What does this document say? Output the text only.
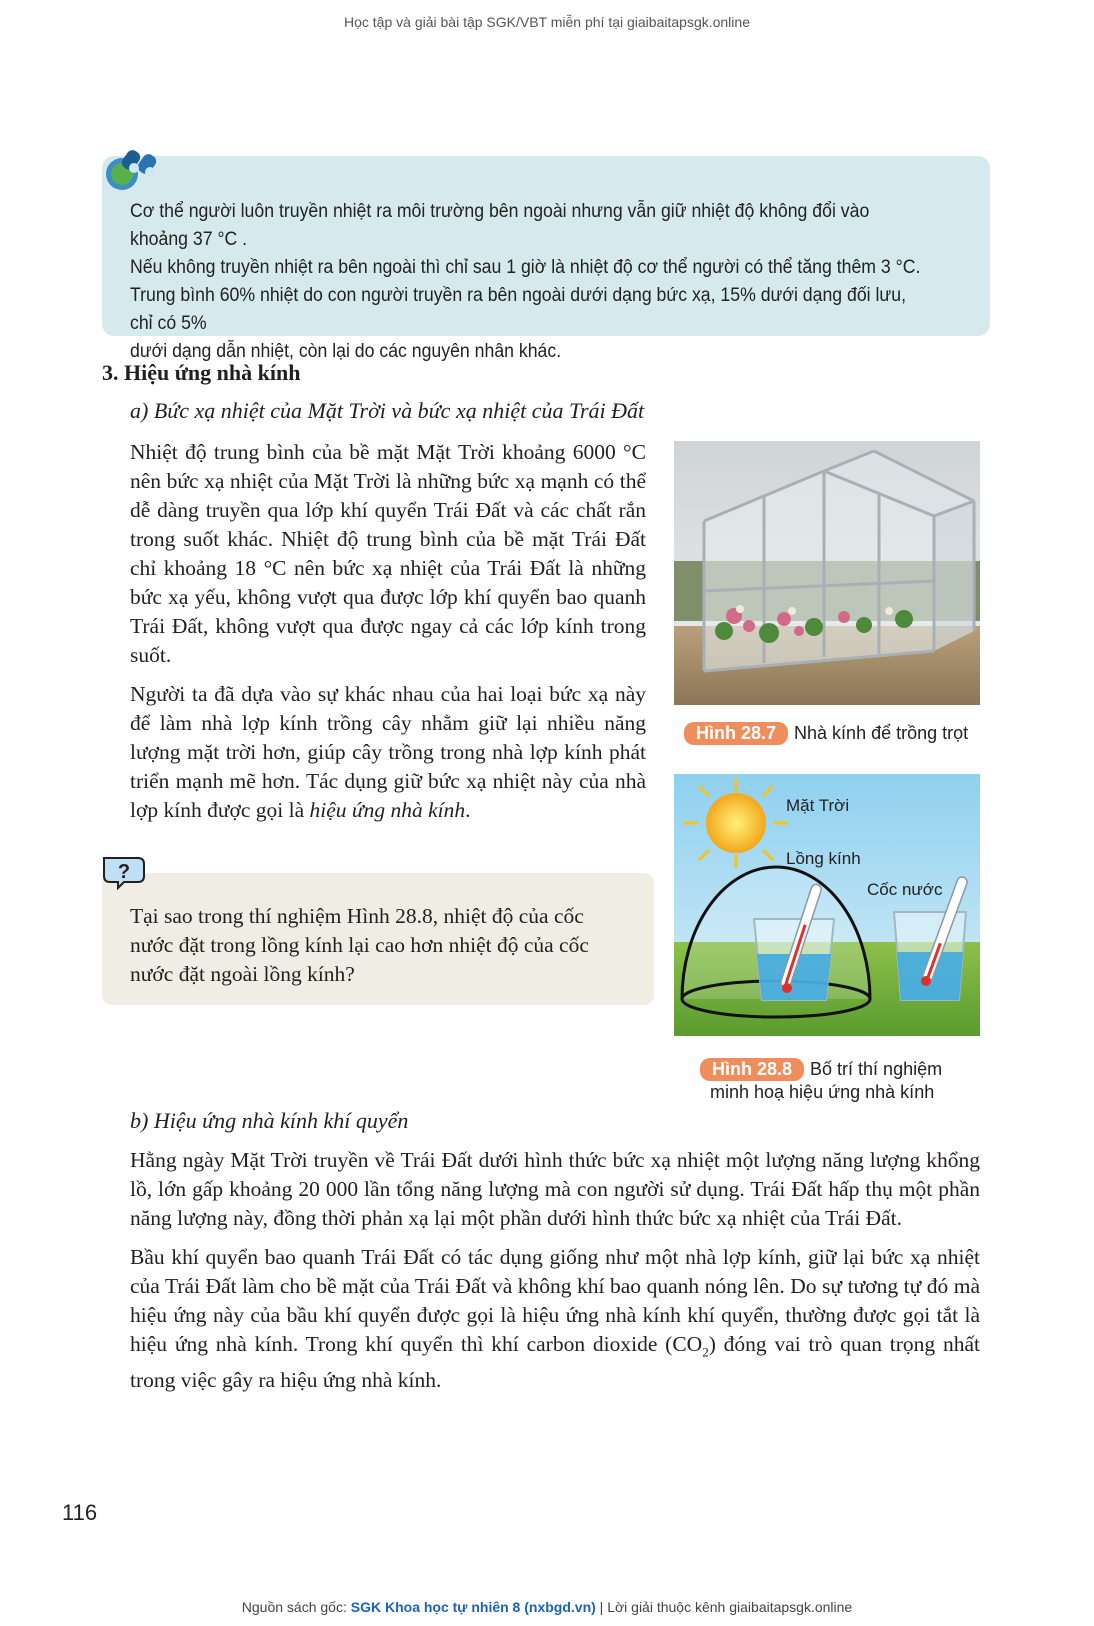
Học tập và giải bài tập SGK/VBT miễn phí tại giaibaitapsgk.online

Cơ thể người luôn truyền nhiệt ra môi trường bên ngoài nhưng vẫn giữ nhiệt độ không đổi vào khoảng 37 °C .

Nếu không truyền nhiệt ra bên ngoài thì chỉ sau 1 giờ là nhiệt độ cơ thể người có thể tăng thêm 3 °C.

Trung bình 60% nhiệt do con người truyền ra bên ngoài dưới dạng bức xạ, 15% dưới dạng đối lưu, chỉ có 5%

dưới dạng dẫn nhiệt, còn lại do các nguyên nhân khác.

3. Hiệu ứng nhà kính
a) Bức xạ nhiệt của Mặt Trời và bức xạ nhiệt của Trái Đất

Nhiệt độ trung bình của bề mặt Mặt Trời khoảng 6000 °C nên bức xạ nhiệt của Mặt Trời là những bức xạ mạnh có thể dễ dàng truyền qua lớp khí quyển Trái Đất và các chất rắn trong suốt khác. Nhiệt độ trung bình của bề mặt Trái Đất chỉ khoảng 18 °C nên bức xạ nhiệt của Trái Đất là những bức xạ yếu, không vượt qua được lớp khí quyển bao quanh Trái Đất, không vượt qua được ngay cả các lớp kính trong suốt.

Người ta đã dựa vào sự khác nhau của hai loại bức xạ này để làm nhà lợp kính trồng cây nhằm giữ lại nhiều năng lượng mặt trời hơn, giúp cây trồng trong nhà lợp kính phát triển mạnh mẽ hơn. Tác dụng giữ bức xạ nhiệt này của nhà lợp kính được gọi là hiệu ứng nhà kính.

Hình 28.7 Nhà kính để trồng trọt
Mặt Trời
Lồng kính
Cốc nước
Hình 28.8 Bố trí thí nghiệm
minh hoạ hiệu ứng nhà kính
?
Tại sao trong thí nghiệm Hình 28.8, nhiệt độ của cốc nước đặt trong lồng kính lại cao hơn nhiệt độ của cốc nước đặt ngoài lồng kính?
b) Hiệu ứng nhà kính khí quyển

Hằng ngày Mặt Trời truyền về Trái Đất dưới hình thức bức xạ nhiệt một lượng năng lượng khổng lồ, lớn gấp khoảng 20 000 lần tổng năng lượng mà con người sử dụng. Trái Đất hấp thụ một phần năng lượng này, đồng thời phản xạ lại một phần dưới hình thức bức xạ nhiệt của Trái Đất.

Bầu khí quyển bao quanh Trái Đất có tác dụng giống như một nhà lợp kính, giữ lại bức xạ nhiệt của Trái Đất làm cho bề mặt của Trái Đất và không khí bao quanh nóng lên. Do sự tương tự đó mà hiệu ứng này của bầu khí quyển được gọi là hiệu ứng nhà kính khí quyển, thường được gọi tắt là hiệu ứng nhà kính. Trong khí quyển thì khí carbon dioxide $(CO_2)$ đóng vai trò quan trọng nhất trong việc gây ra hiệu ứng nhà kính.

116
Nguồn sách gốc: SGK Khoa học tự nhiên 8 (nxbgd.vn) | Lời giải thuộc kênh giaibaitapsgk.online
